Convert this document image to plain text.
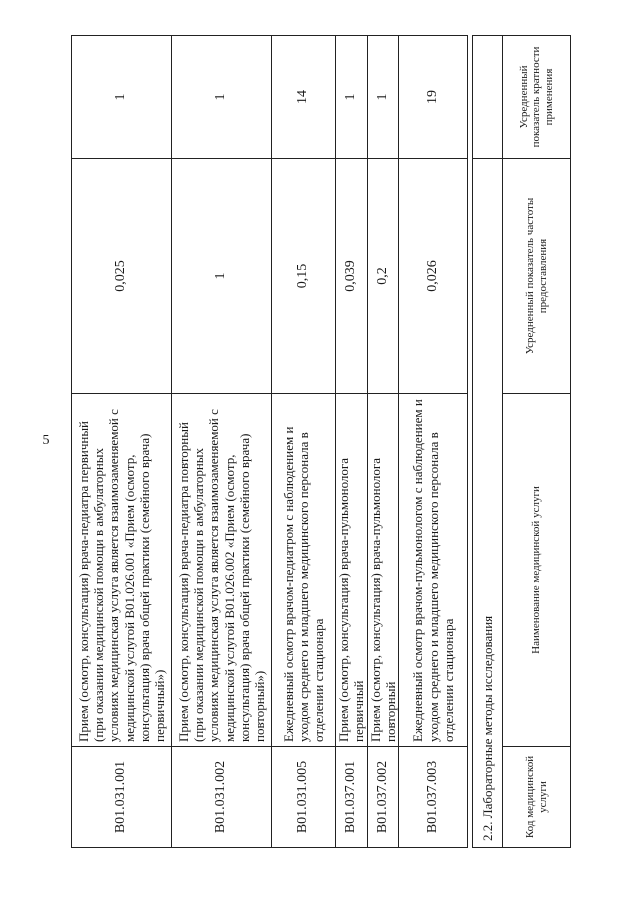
5
B01.031.001	Прием (осмотр, консультация) врача-педиатра первичный (при оказании медицинской помощи в амбулаторных условиях медицинская услуга является взаимозаменяемой с медицинской услугой B01.026.001 «Прием (осмотр, консультация) врача общей практики (семейного врача) первичный»)	0,025	1
B01.031.002	Прием (осмотр, консультация) врача-педиатра повторный (при оказании медицинской помощи в амбулаторных условиях медицинская услуга является взаимозаменяемой с медицинской услугой B01.026.002 «Прием (осмотр, консультация) врача общей практики (семейного врача) повторный»)	1	1
B01.031.005	Ежедневный осмотр врачом-педиатром с наблюдением и уходом среднего и младшего медицинского персонала в отделении стационара	0,15	14
B01.037.001	Прием (осмотр, консультация) врача-пульмонолога первичный	0,039	1
B01.037.002	Прием (осмотр, консультация) врача-пульмонолога повторный	0,2	1
B01.037.003	Ежедневный осмотр врачом-пульмонологом с наблюдением и уходом среднего и младшего медицинского персонала в отделении стационара	0,026	19
2.2. Лабораторные методы исследования			
Код медицинской услуги	Наименование медицинской услуги	Усредненный показатель частоты предоставления	Усредненный показатель кратности применения
